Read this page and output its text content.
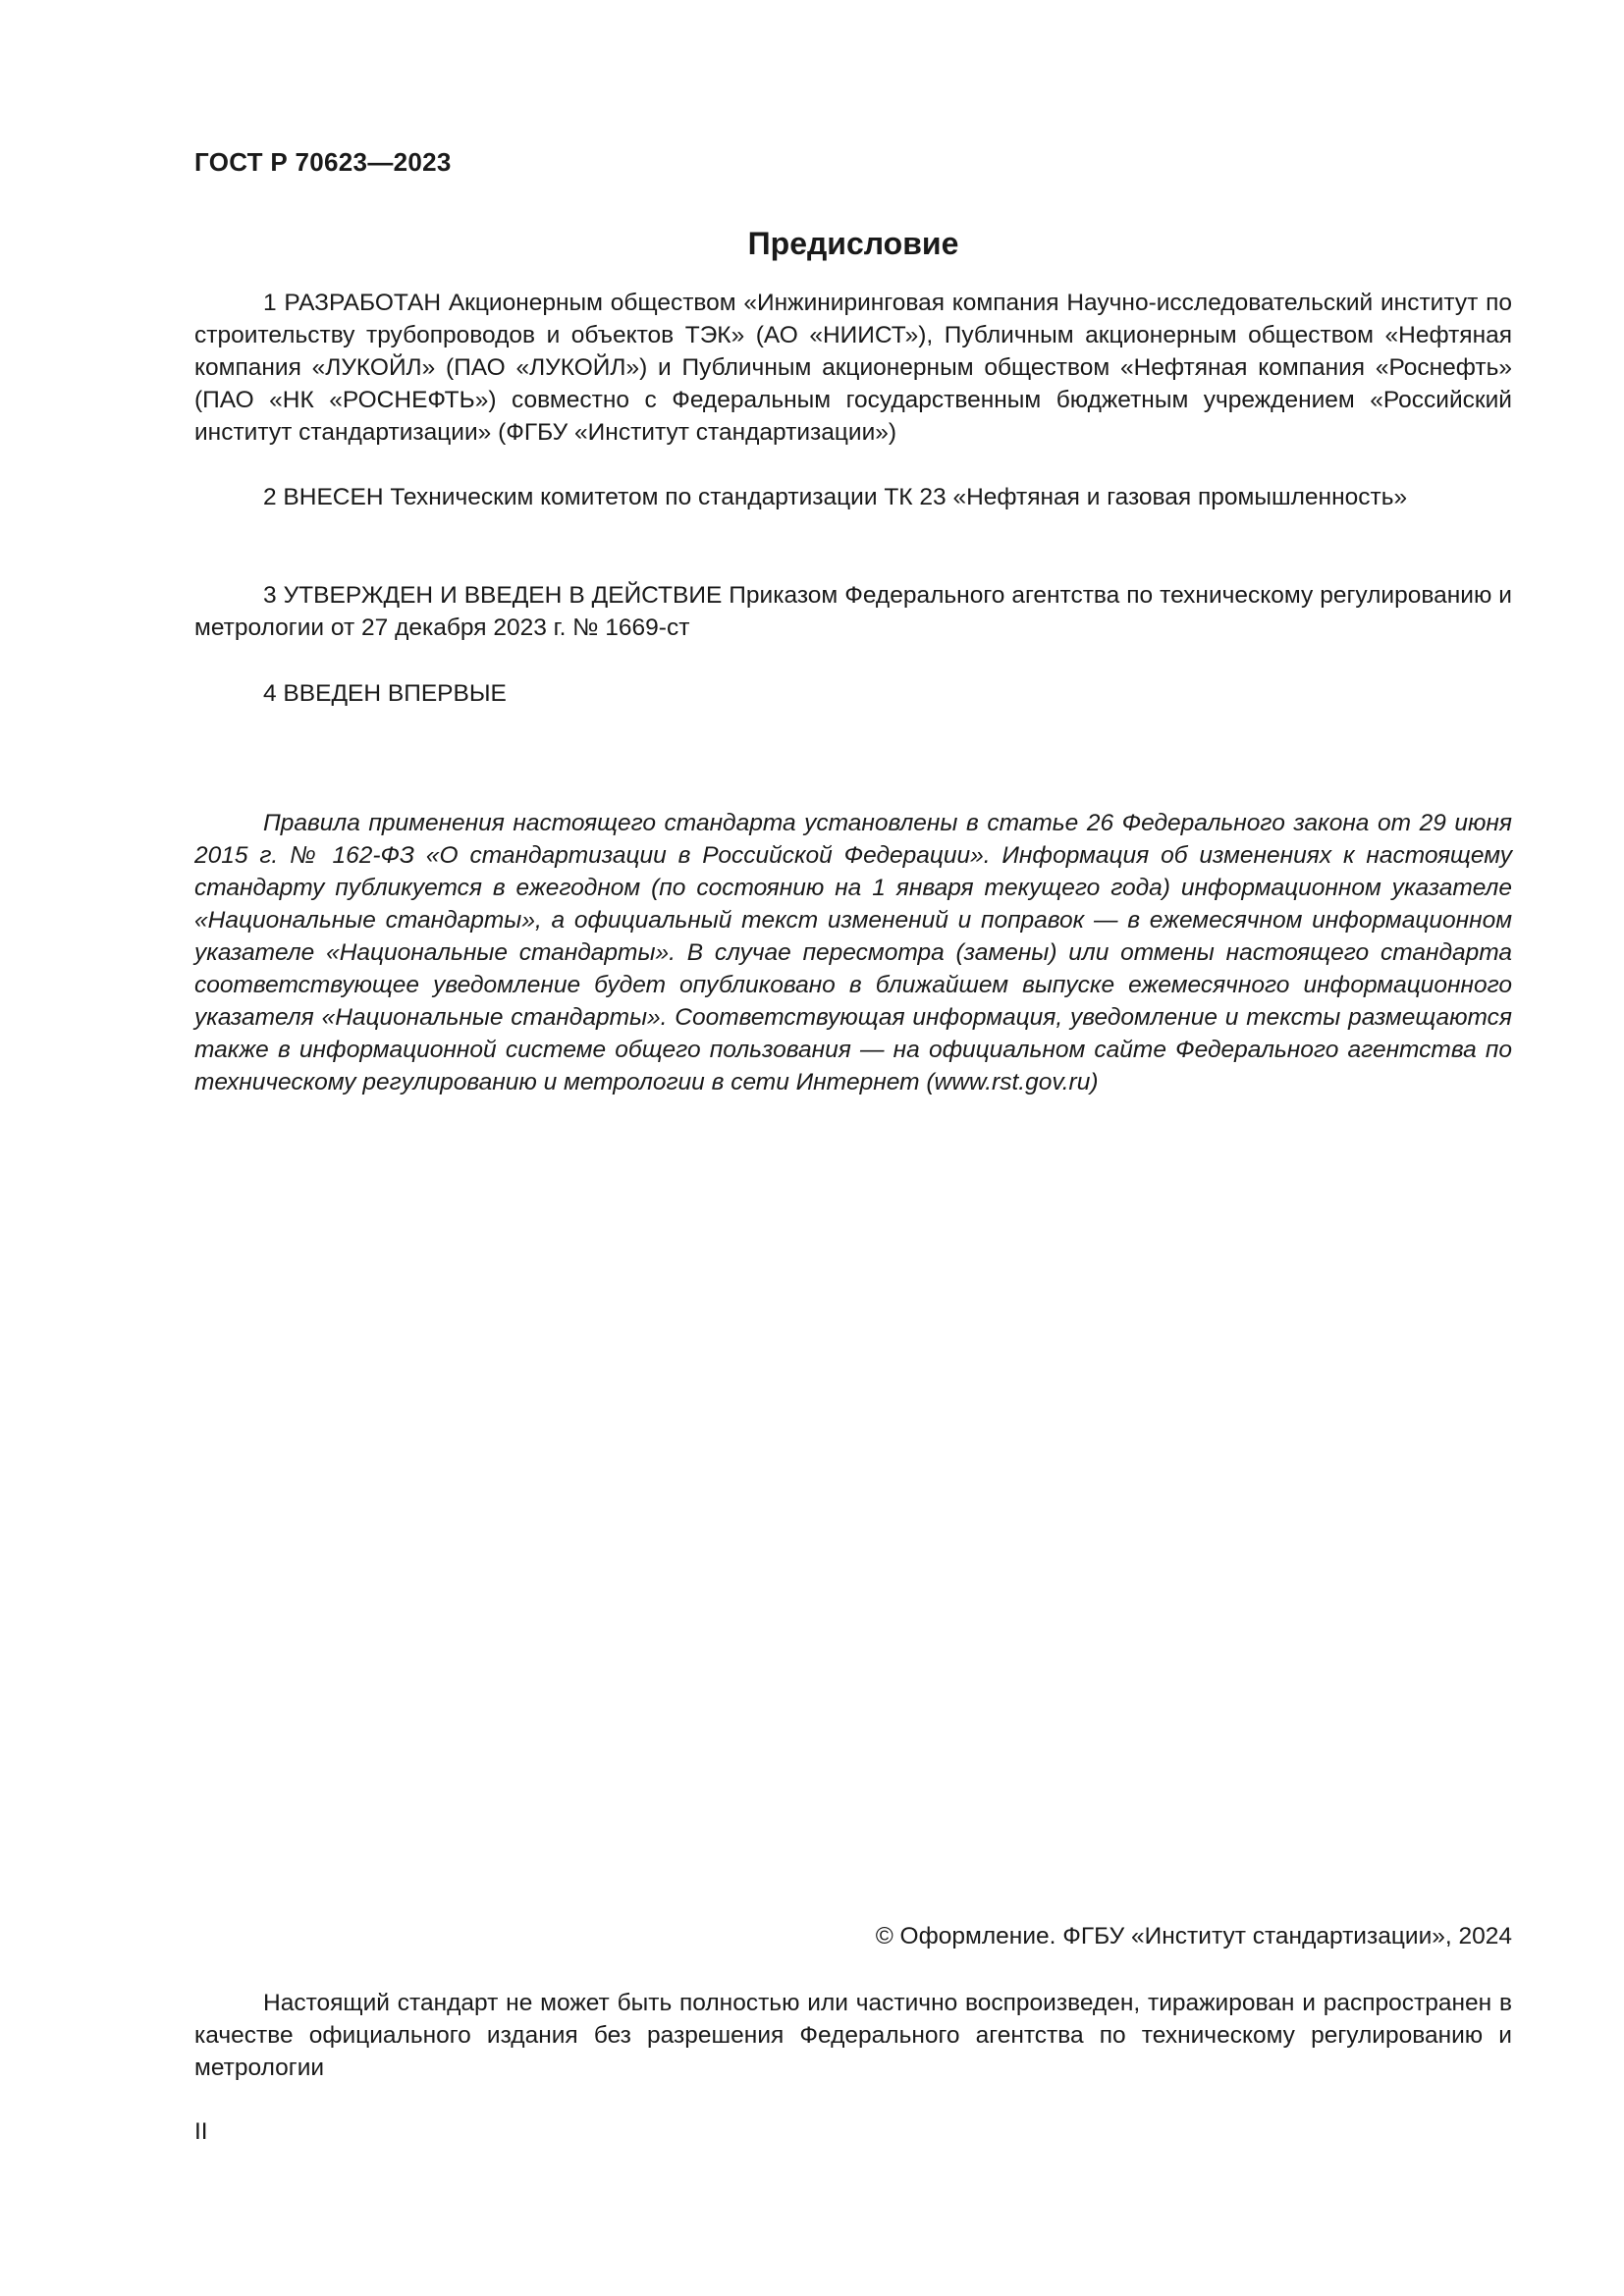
ГОСТ Р 70623—2023
Предисловие

1 РАЗРАБОТАН Акционерным обществом «Инжиниринговая компания Научно-исследовательский институт по строительству трубопроводов и объектов ТЭК» (АО «НИИСТ»), Публичным акционерным обществом «Нефтяная компания «ЛУКОЙЛ» (ПАО «ЛУКОЙЛ») и Публичным акционерным обществом «Нефтяная компания «Роснефть» (ПАО «НК «РОСНЕФТЬ») совместно с Федеральным государственным бюджетным учреждением «Российский институт стандартизации» (ФГБУ «Институт стандартизации»)

2 ВНЕСЕН Техническим комитетом по стандартизации ТК 23 «Нефтяная и газовая промышленность»

3 УТВЕРЖДЕН И ВВЕДЕН В ДЕЙСТВИЕ Приказом Федерального агентства по техническому регулированию и метрологии от 27 декабря 2023 г. № 1669-ст

4 ВВЕДЕН ВПЕРВЫЕ

Правила применения настоящего стандарта установлены в статье 26 Федерального закона от 29 июня 2015 г. № 162-ФЗ «О стандартизации в Российской Федерации». Информация об изменениях к настоящему стандарту публикуется в ежегодном (по состоянию на 1 января текущего года) информационном указателе «Национальные стандарты», а официальный текст изменений и поправок — в ежемесячном информационном указателе «Национальные стандарты». В случае пересмотра (замены) или отмены настоящего стандарта соответствующее уведомление будет опубликовано в ближайшем выпуске ежемесячного информационного указателя «Национальные стандарты». Соответствующая информация, уведомление и тексты размещаются также в информационной системе общего пользования — на официальном сайте Федерального агентства по техническому регулированию и метрологии в сети Интернет (www.rst.gov.ru)

© Оформление. ФГБУ «Институт стандартизации», 2024

Настоящий стандарт не может быть полностью или частично воспроизведен, тиражирован и распространен в качестве официального издания без разрешения Федерального агентства по техническому регулированию и метрологии

II
